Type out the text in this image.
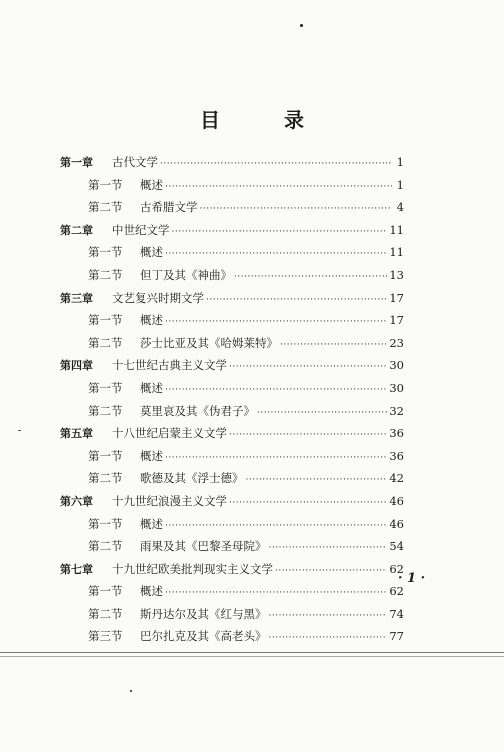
目　录
第一章	古代文学 ·····	1
第一节	概述 ·····	1
第二节	古希腊文学 ·····	4
第二章	中世纪文学 ·····	11
第一节	概述 ·····	11
第二节	但丁及其《神曲》 ·····	13
第三章	文艺复兴时期文学 ·····	17
第一节	概述 ·····	17
第二节	莎士比亚及其《哈姆莱特》 ·····	23
第四章	十七世纪古典主义文学 ·····	30
第一节	概述 ·····	30
第二节	莫里哀及其《伪君子》 ·····	32
第五章	十八世纪启蒙主义文学 ·····	36
第一节	概述 ·····	36
第二节	歌德及其《浮士德》 ·····	42
第六章	十九世纪浪漫主义文学 ·····	46
第一节	概述 ·····	46
第二节	雨果及其《巴黎圣母院》 ·····	54
第七章	十九世纪欧美批判现实主义文学 ·····	62
第一节	概述 ·····	62
第二节	斯丹达尔及其《红与黑》 ·····	74
第三节	巴尔扎克及其《高老头》 ·····	77
· 1 ·
